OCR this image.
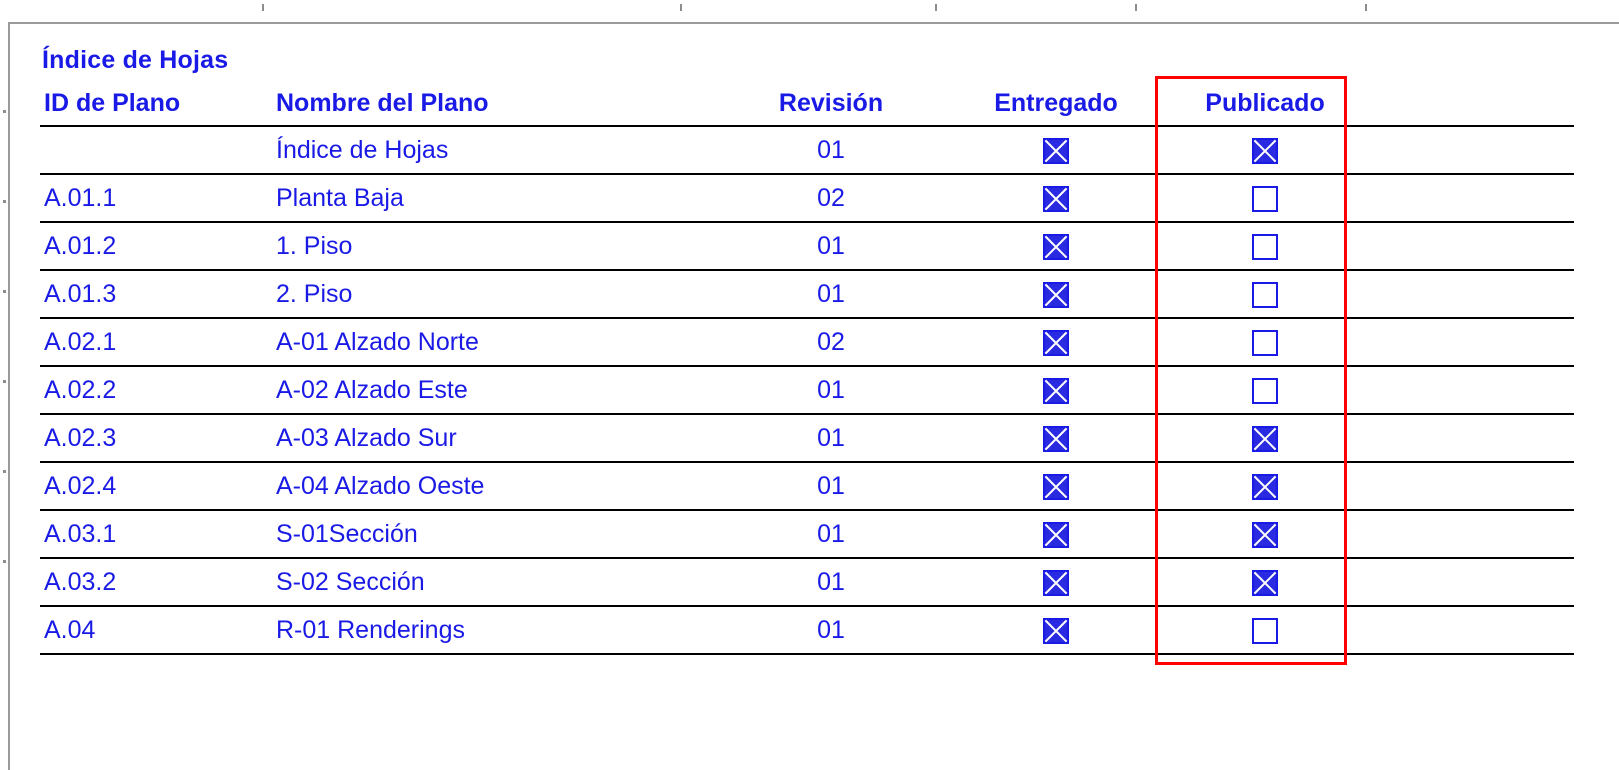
Índice de Hojas
ID de Plano	Nombre del Plano	Revisión	Entregado	Publicado	
	Índice de Hojas	01			
A.01.1	Planta Baja	02			
A.01.2	1. Piso	01			
A.01.3	2. Piso	01			
A.02.1	A-01 Alzado Norte	02			
A.02.2	A-02 Alzado Este	01			
A.02.3	A-03 Alzado Sur	01			
A.02.4	A-04 Alzado Oeste	01			
A.03.1	S-01Sección	01			
A.03.2	S-02 Sección	01			
A.04	R-01 Renderings	01			
